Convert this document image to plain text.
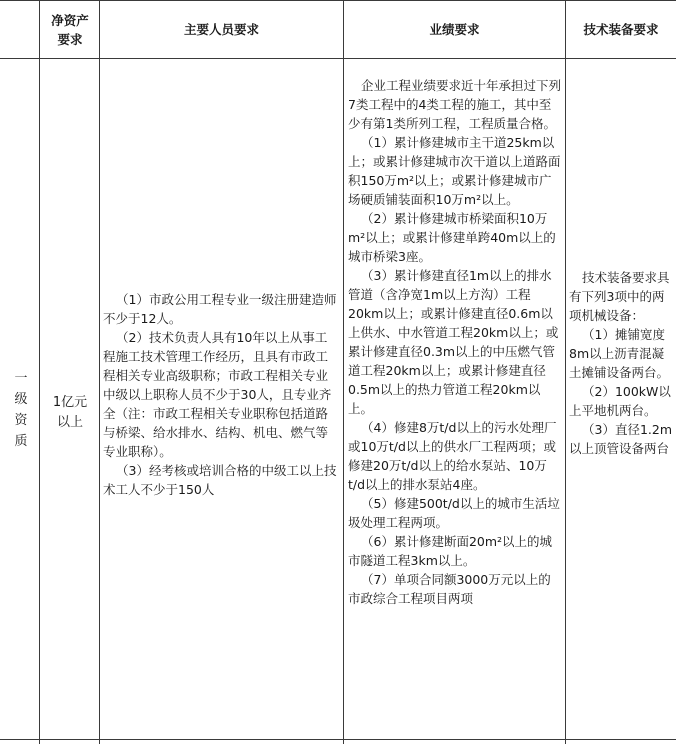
净资产要求
主要人员要求	业绩要求	技术装备要求
一级资质
1亿元以上

（1）市政公用工程专业一级注册建造师不少于12人。

（2）技术负责人具有10年以上从事工程施工技术管理工作经历，且具有市政工程相关专业高级职称；市政工程相关专业中级以上职称人员不少于30人，且专业齐全（注：市政工程相关专业职称包括道路与桥梁、给水排水、结构、机电、燃气等专业职称）。

（3）经考核或培训合格的中级工以上技术工人不少于150人

企业工程业绩要求近十年承担过下列7类工程中的4类工程的施工，其中至少有第1类所列工程，工程质量合格。

（1）累计修建城市主干道25km以上；或累计修建城市次干道以上道路面积150万m²以上；或累计修建城市广场硬质铺装面积10万m²以上。

（2）累计修建城市桥梁面积10万m²以上；或累计修建单跨40m以上的城市桥梁3座。

（3）累计修建直径1m以上的排水管道（含净宽1m以上方沟）工程20km以上；或累计修建直径0.6m以上供水、中水管道工程20km以上；或累计修建直径0.3m以上的中压燃气管道工程20km以上；或累计修建直径0.5m以上的热力管道工程20km以上。

（4）修建8万t/d以上的污水处理厂或10万t/d以上的供水厂工程两项；或修建20万t/d以上的给水泵站、10万t/d以上的排水泵站4座。

（5）修建500t/d以上的城市生活垃圾处理工程两项。

（6）累计修建断面20m²以上的城市隧道工程3km以上。

（7）单项合同额3000万元以上的市政综合工程项目两项

技术装备要求具有下列3项中的两项机械设备：

（1）摊铺宽度8m以上沥青混凝土摊铺设备两台。

（2）100kW以上平地机两台。

（3）直径1.2m以上顶管设备两台
